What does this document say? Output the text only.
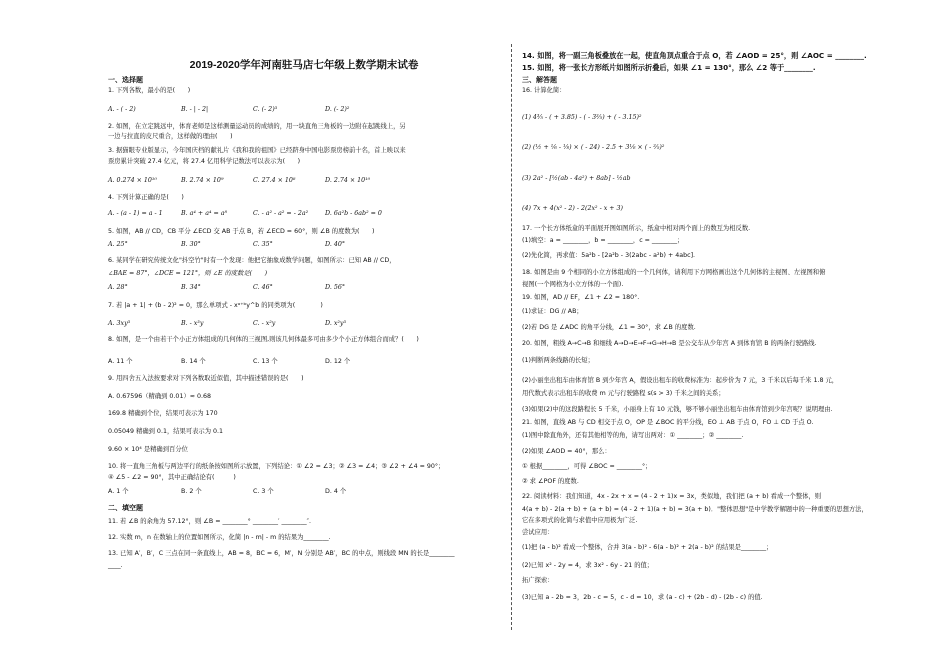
2019-2020学年河南驻马店七年级上数学期末试卷
一、选择题
1. 下列各数，最小的是(　　)
A. - ( - 2)	B. - | - 2|	C. (- 2)³	D. (- 2)²
2. 如图，在立定跳远中，体育老师是这样测量运动员的成绩的，用一块直角三角板的一边附在起跳线上，另
一边与拉直的皮尺重合，这样做的理由(　　)
3. 据猫眼专业版显示，今年国庆档的献礼片《我和我的祖国》已经跻身中国电影票房榜前十名，首上映以来
票房累计突破 27.4 亿元，将 27.4 亿用科学记数法可以表示为(　　)
A. 0.274 × 10¹⁰	B. 2.74 × 10⁹	C. 27.4 × 10⁸	D. 2.74 × 10¹⁰
4. 下列计算正确的是(　　)
A. - (a - 1) = a - 1	B. a⁴ + a⁴ = a⁸	C. - a² - a² = - 2a²	D. 6a²b - 6ab² = 0
5. 如图，AB // CD，CB 平分 ∠ECD 交 AB 于点 B，若 ∠ECD = 60°，则 ∠B 的度数为(　　)
A. 25°	B. 30°	C. 35°	D. 40°
6. 某同学在研究传统文化"抖空竹"时有一个发现：他把它抽象成数学问题，如图所示：已知 AB // CD，
∠BAE = 87°，∠DCE = 121°，则 ∠E 的度数是(　　)
A. 28°	B. 34°	C. 46°	D. 56°
7. 若 |a + 1| + (b - 2)² = 0，那么单项式 - xᵃ⁺ᵇy^b 的同类项为(　　　　)
A. 3xy³	B. - x³y	C. - x²y	D. x²y³
8. 如图，是一个由若干个小正方体组成的几何体的三视图,则该几何体最多可由多少个小正方体组合而成？(　　)
A. 11 个	B. 14 个	C. 13 个	D. 12 个
9. 用四舍五入法按要求对下列各数取近似值，其中描述错误的是(　　)
A. 0.67596（精确到 0.01）≈ 0.68
169.8 精确到个位，结果可表示为 170
0.05049 精确到 0.1，结果可表示为 0.1
9.60 × 10⁴ 是精确到百分位
10. 将一直角三角板与两边平行的纸条按如图所示放置，下列结论：① ∠2 = ∠3；② ∠3 = ∠4；③ ∠2 + ∠4 = 90°；
④ ∠5 - ∠2 = 90°，其中正确结论有(　　　)
A. 1 个	B. 2 个	C. 3 个	D. 4 个
二、填空题
11. 若 ∠B 的余角为 57.12°，则 ∠B = ________° ________′ ________″.
12. 实数 m，n 在数轴上的位置如图所示，化简 |n - m| - m 的结果为________.
13. 已知 A′，B′，C 三点在同一条直线上，AB = 8，BC = 6，M′，N 分别是 AB′，BC 的中点，则线段 MN 的长是________
____.
14. 如图，将一副三角板叠放在一起，使直角顶点重合于点 O，若 ∠AOD = 25°，则 ∠AOC = ________.
15. 如图，将一张长方形纸片如图所示折叠后，如果 ∠1 = 130°，那么 ∠2 等于________.
三、解答题
16. 计算化简：
(1) 4⅗ - ( + 3.85) - ( - 3⅖) + ( - 3.15)²
(2) (½ + ⅙ - ⅛) × ( - 24) - 2.5 + 3⅛ × ( - ⅖)²
(3) 2a² - [½(ab - 4a²) + 8ab] - ½ab
(4) 7x + 4(x² - 2) - 2(2x² - x + 3)
17. 一个长方体纸盒的平面展开图如图所示，纸盒中相对两个面上的数互为相反数.
(1)填空：a = ________，b = ________，c = ________；
(2)先化简，再求值：5a²b - [2a²b - 3(2abc - a²b) + 4abc].
18. 如图是由 9 个相同的小立方体组成的一个几何体，请利用下方网格画出这个几何体的主视图、左视图和俯
视图(一个网格为小立方体的一个面).
19. 如图，AD // EF，∠1 + ∠2 = 180°.
(1)求证：DG // AB；
(2)若 DG 是 ∠ADC 的角平分线，∠1 = 30°，求 ∠B 的度数.
20. 如图，粗线 A→C→B 和细线 A→D→E→F→G→H→B 是公交车从少年宫 A 到体育馆 B 的两条行驶路线.
(1)判断两条线路的长短；
(2)小丽坐出租车由体育馆 B 到少年宫 A，假设出租车的收费标准为：起步价为 7 元，3 千米以后每千米 1.8 元，
用代数式表示出租车的收费 m 元与行驶路程 s(s > 3) 千米之间的关系；
(3)如果(2)中的这段路程长 5 千米，小丽身上有 10 元钱，够不够小丽坐出租车由体育馆到少年宫呢？说明理由.
21. 如图，直线 AB 与 CD 相交于点 O，OP 是 ∠BOC 的平分线，EO ⊥ AB 于点 O，FO ⊥ CD 于点 O.
(1)图中除直角外，还有其他相等的角，请写出两对：① ________；② ________.
(2)如果 ∠AOD = 40°，那么：
① 根据________，可得 ∠BOC = ________°；
② 求 ∠POF 的度数.
22. 阅读材料：我们知道，4x - 2x + x = (4 - 2 + 1)x = 3x，类似地，我们把 (a + b) 看成一个整体，则
4(a + b) - 2(a + b) + (a + b) = (4 - 2 + 1)(a + b) = 3(a + b)．"整体思想"是中学教学解题中的一种重要的思想方法，
它在多项式的化简与求值中应用极为广泛.
尝试应用：
(1)把 (a - b)² 看成一个整体，合并 3(a - b)² - 6(a - b)² + 2(a - b)² 的结果是________；
(2)已知 x² - 2y = 4，求 3x² - 6y - 21 的值；
拓广探索：
(3)已知 a - 2b = 3，2b - c = 5，c - d = 10，求 (a - c) + (2b - d) - (2b - c) 的值.
